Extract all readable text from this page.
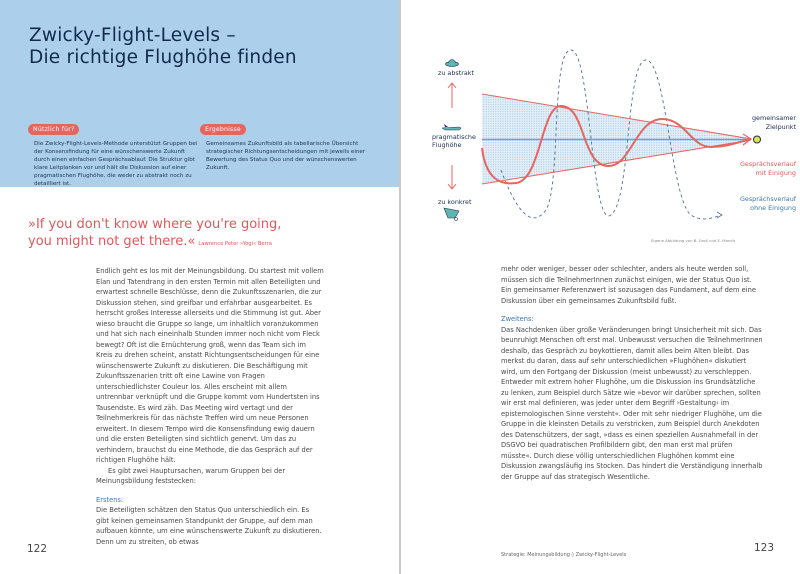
Zwicky-Flight-Levels –
Die richtige Flughöhe finden
Nützlich für?

Die Zwicky-Flight-Levels-Methode unterstützt Gruppen bei der Konsensfindung für eine wünschenswerte Zukunft durch einen einfachen Gesprächsablauf. Die Struktur gibt klare Leitplanken vor und hält die Diskussion auf einer pragmatischen Flughöhe, die weder zu abstrakt noch zu detailliert ist.

Ergebnisse

Gemeinsames Zukunftsbild als tabellarische Übersicht strategischer Richtungsentscheidungen mit jeweils einer Bewertung des Status Quo und der wünschenswerten Zukunft.

»If you don't know where you're going,
you might not get there.« Lawrence Peter »Yogi« Berra

Endlich geht es los mit der Meinungsbildung. Du startest mit vollem Elan und Tatendrang in den ersten Termin mit allen Beteiligten und erwartest schnelle Beschlüsse, denn die Zukunftsszenarien, die zur Diskussion stehen, sind greifbar und erfahrbar ausgearbeitet. Es herrscht großes Interesse allerseits und die Stimmung ist gut. Aber wieso braucht die Gruppe so lange, um inhaltlich voranzukommen und hat sich nach eineinhalb Stunden immer noch nicht vom Fleck bewegt? Oft ist die Ernüchterung groß, wenn das Team sich im Kreis zu drehen scheint, anstatt Richtungsentscheidungen für eine wünschenswerte Zukunft zu diskutieren. Die Beschäftigung mit Zukunftsszenarien tritt oft eine Lawine von Fragen unterschiedlichster Couleur los. Alles erscheint mit allem untrennbar verknüpft und die Gruppe kommt vom Hundertsten ins Tausendste. Es wird zäh. Das Meeting wird vertagt und der Teilnehmerkreis für das nächste Treffen wird um neue Personen erweitert. In diesem Tempo wird die Konsensfindung ewig dauern und die ersten Beteiligten sind sichtlich genervt. Um das zu verhindern, brauchst du eine Methode, die das Gespräch auf der richtigen Flughöhe hält.

Es gibt zwei Hauptursachen, warum Gruppen bei der Meinungsbildung feststecken:

Erstens:

Die Beteiligten schätzen den Status Quo unterschiedlich ein. Es gibt keinen gemeinsamen Standpunkt der Gruppe, auf dem man aufbauen könnte, um eine wünschenswerte Zukunft zu diskutieren. Denn um zu streiten, ob etwas

122
zu abstrakt
pragmatische
Flughöhe
zu konkret
gemeinsamer
Zielpunkt
Gesprächsverlauf
mit Einigung
Gesprächsverlauf
ohne Einigung
Eigene Abbildung von B. Groß und E. Mandir

mehr oder weniger, besser oder schlechter, anders als heute werden soll, müssen sich die TeilnehmerInnen zunächst einigen, wie der Status Quo ist. Ein gemeinsamer Referenzwert ist sozusagen das Fundament, auf dem eine Diskussion über ein gemeinsames Zukunftsbild fußt.

Zweitens:

Das Nachdenken über große Veränderungen bringt Unsicherheit mit sich. Das beunruhigt Menschen oft erst mal. Unbewusst versuchen die TeilnehmerInnen deshalb, das Gespräch zu boykottieren, damit alles beim Alten bleibt. Das merkst du daran, dass auf sehr unterschiedlichen »Flughöhen« diskutiert wird, um den Fortgang der Diskussion (meist unbewusst) zu verschleppen. Entweder mit extrem hoher Flughöhe, um die Diskussion ins Grundsätzliche zu lenken, zum Beispiel durch Sätze wie »bevor wir darüber sprechen, sollten wir erst mal definieren, was jeder unter dem Begriff ›Gestaltung‹ im epistemologischen Sinne versteht«. Oder mit sehr niedriger Flughöhe, um die Gruppe in die kleinsten Details zu verstricken, zum Beispiel durch Anekdoten des Datenschützers, der sagt, »dass es einen speziellen Ausnahmefall in der DSGVO bei quadratischen Profilbildern gibt, den man erst mal prüfen müsste«. Durch diese völlig unterschiedlichen Flughöhen kommt eine Diskussion zwangsläufig ins Stocken. Das hindert die Verständigung innerhalb der Gruppe auf das strategisch Wesentliche.

Strategie: Meinungsbildung ◊ Zwicky-Flight-Levels
123
